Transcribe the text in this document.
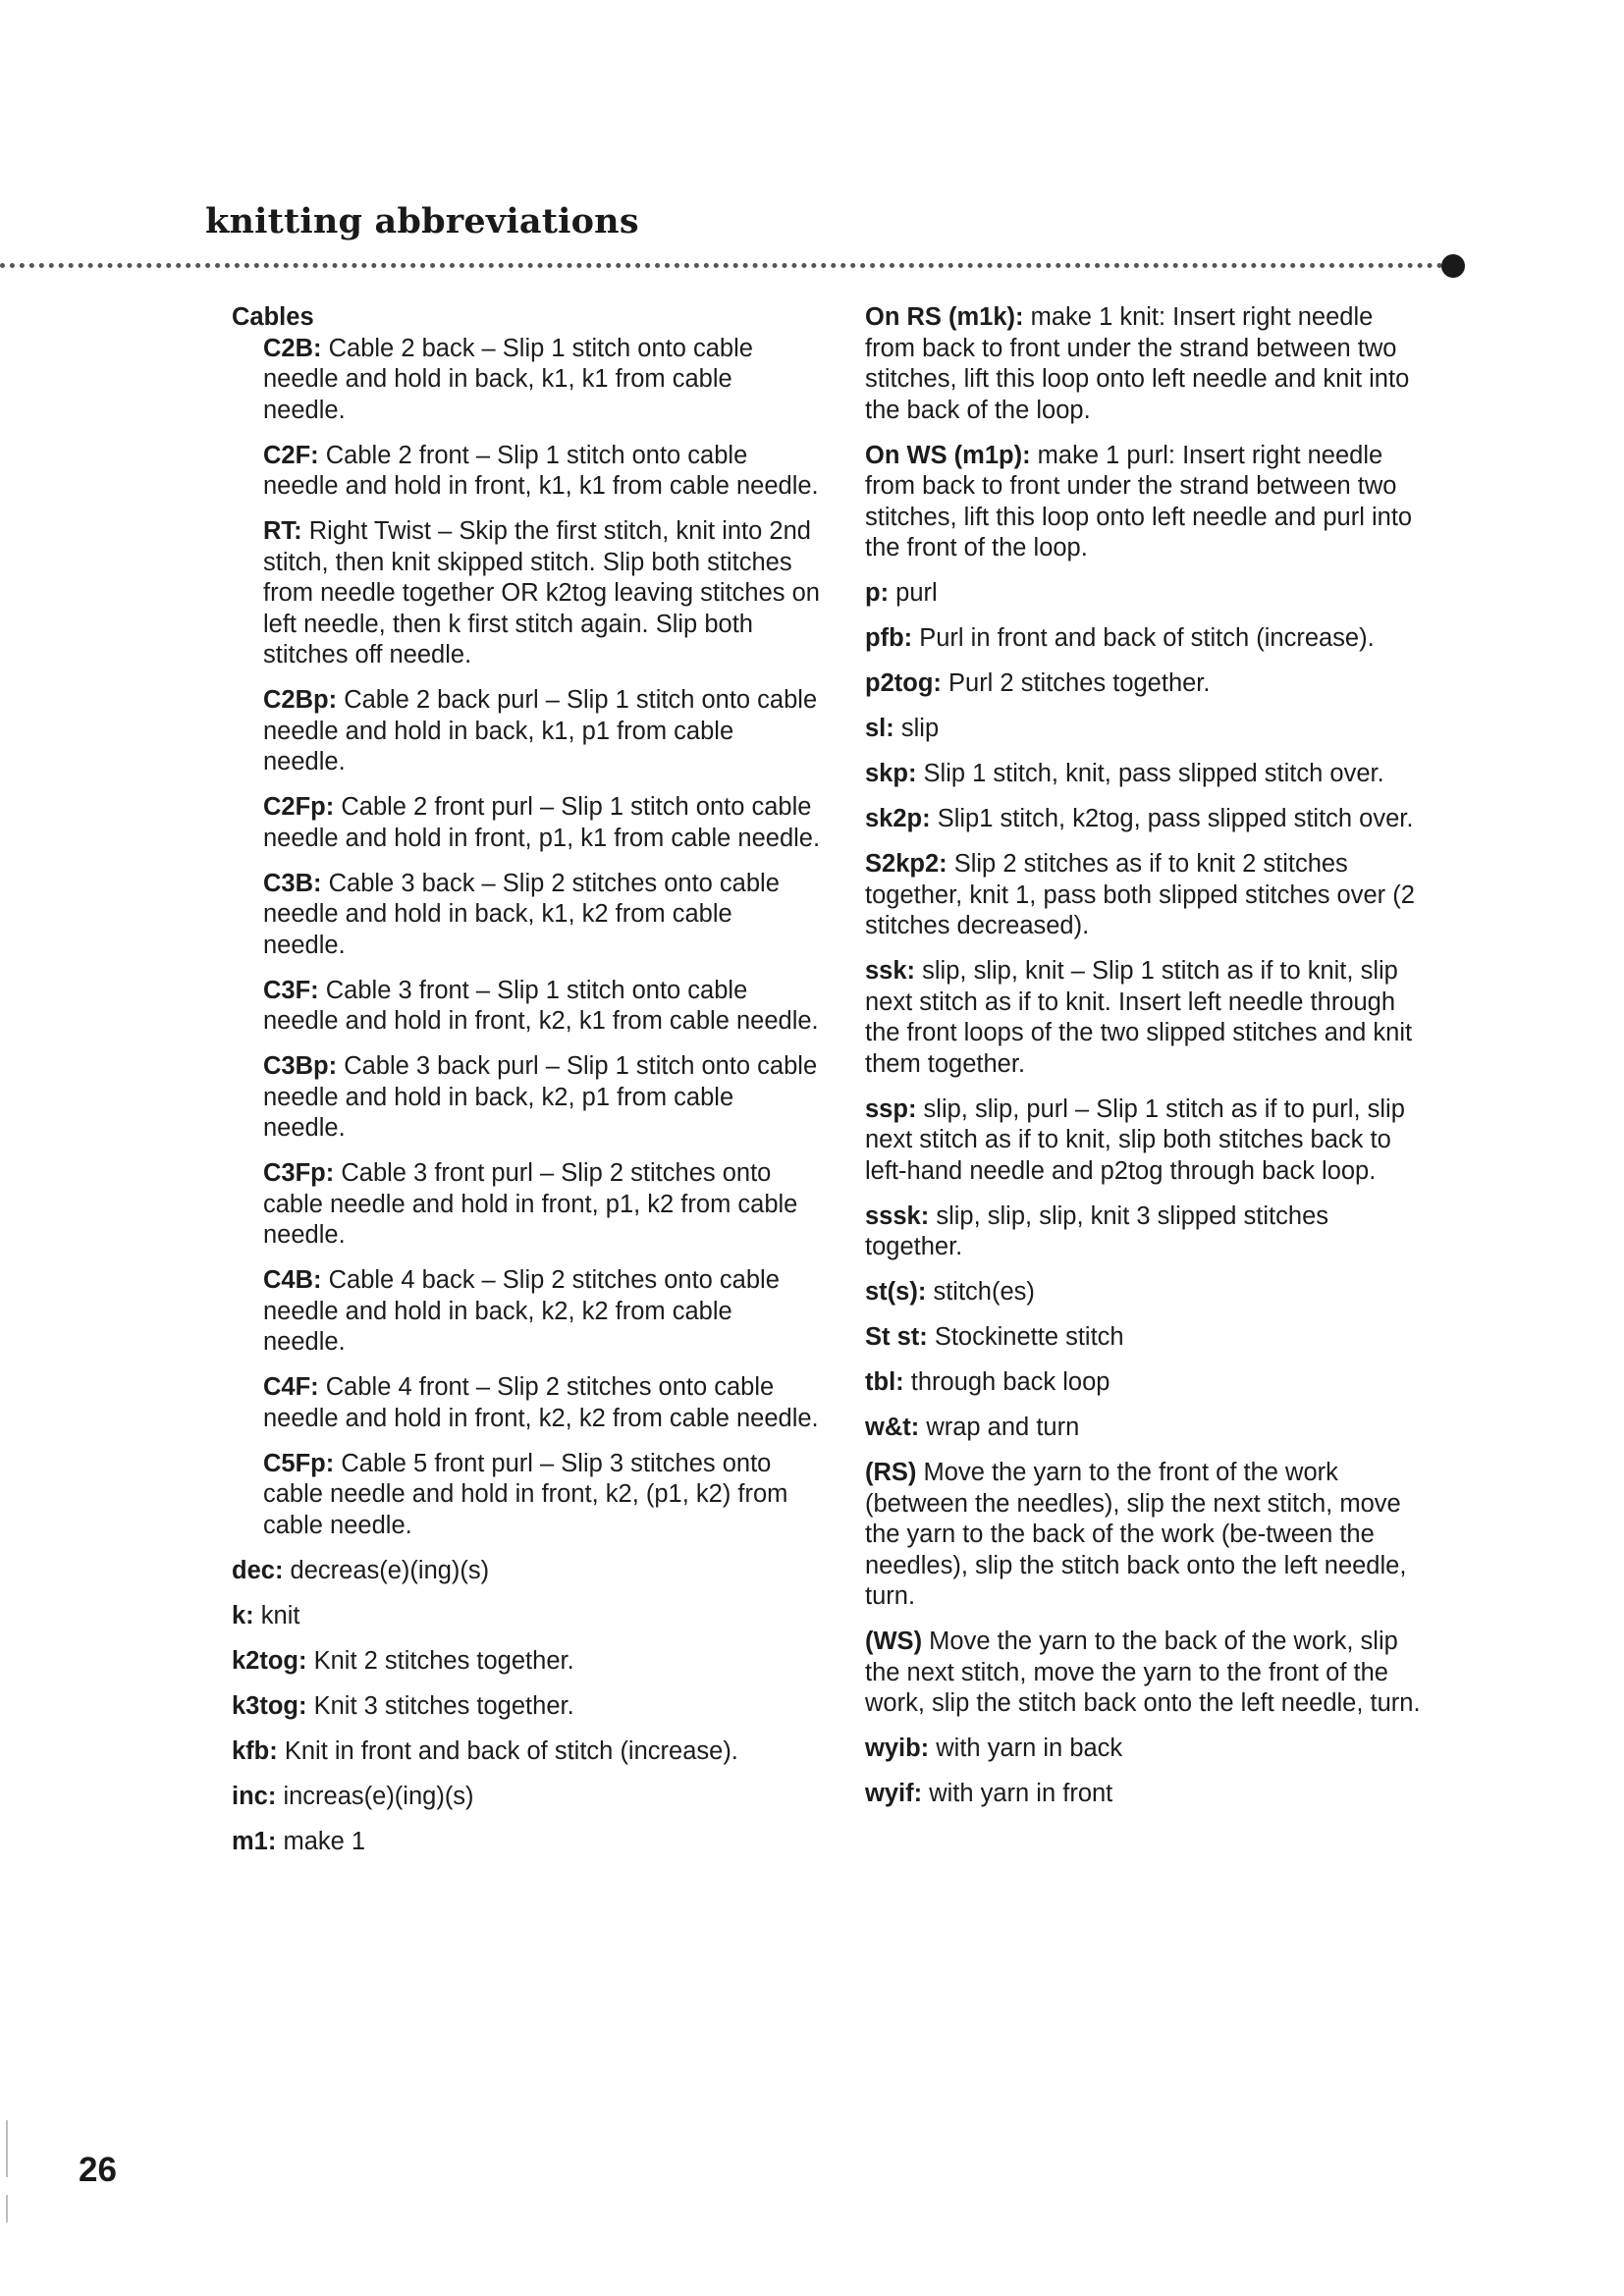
knitting abbreviations
Cables
C2B: Cable 2 back – Slip 1 stitch onto cable needle and hold in back, k1, k1 from cable needle.
C2F: Cable 2 front – Slip 1 stitch onto cable needle and hold in front, k1, k1 from cable needle.
RT: Right Twist – Skip the first stitch, knit into 2nd stitch, then knit skipped stitch. Slip both stitches from needle together OR k2tog leaving stitches on left needle, then k first stitch again. Slip both stitches off needle.
C2Bp: Cable 2 back purl – Slip 1 stitch onto cable needle and hold in back, k1, p1 from cable needle.
C2Fp: Cable 2 front purl – Slip 1 stitch onto cable needle and hold in front, p1, k1 from cable needle.
C3B: Cable 3 back – Slip 2 stitches onto cable needle and hold in back, k1, k2 from cable needle.
C3F: Cable 3 front – Slip 1 stitch onto cable needle and hold in front, k2, k1 from cable needle.
C3Bp: Cable 3 back purl – Slip 1 stitch onto cable needle and hold in back, k2, p1 from cable needle.
C3Fp: Cable 3 front purl – Slip 2 stitches onto cable needle and hold in front, p1, k2 from cable needle.
C4B: Cable 4 back – Slip 2 stitches onto cable needle and hold in back, k2, k2 from cable needle.
C4F: Cable 4 front – Slip 2 stitches onto cable needle and hold in front, k2, k2 from cable needle.
C5Fp: Cable 5 front purl – Slip 3 stitches onto cable needle and hold in front, k2, (p1, k2) from cable needle.
dec: decreas(e)(ing)(s)
k: knit
k2tog: Knit 2 stitches together.
k3tog: Knit 3 stitches together.
kfb: Knit in front and back of stitch (increase).
inc: increas(e)(ing)(s)
m1: make 1
On RS (m1k): make 1 knit: Insert right needle from back to front under the strand between two stitches, lift this loop onto left needle and knit into the back of the loop.
On WS (m1p): make 1 purl: Insert right needle from back to front under the strand between two stitches, lift this loop onto left needle and purl into the front of the loop.
p: purl
pfb: Purl in front and back of stitch (increase).
p2tog: Purl 2 stitches together.
sl: slip
skp: Slip 1 stitch, knit, pass slipped stitch over.
sk2p: Slip1 stitch, k2tog, pass slipped stitch over.
S2kp2: Slip 2 stitches as if to knit 2 stitches together, knit 1, pass both slipped stitches over (2 stitches decreased).
ssk: slip, slip, knit – Slip 1 stitch as if to knit, slip next stitch as if to knit. Insert left needle through the front loops of the two slipped stitches and knit them together.
ssp: slip, slip, purl – Slip 1 stitch as if to purl, slip next stitch as if to knit, slip both stitches back to left-hand needle and p2tog through back loop.
sssk: slip, slip, slip, knit 3 slipped stitches together.
st(s): stitch(es)
St st: Stockinette stitch
tbl: through back loop
w&t: wrap and turn
(RS) Move the yarn to the front of the work (between the needles), slip the next stitch, move the yarn to the back of the work (be-tween the needles), slip the stitch back onto the left needle, turn.
(WS) Move the yarn to the back of the work, slip the next stitch, move the yarn to the front of the work, slip the stitch back onto the left needle, turn.
wyib: with yarn in back
wyif: with yarn in front
26
